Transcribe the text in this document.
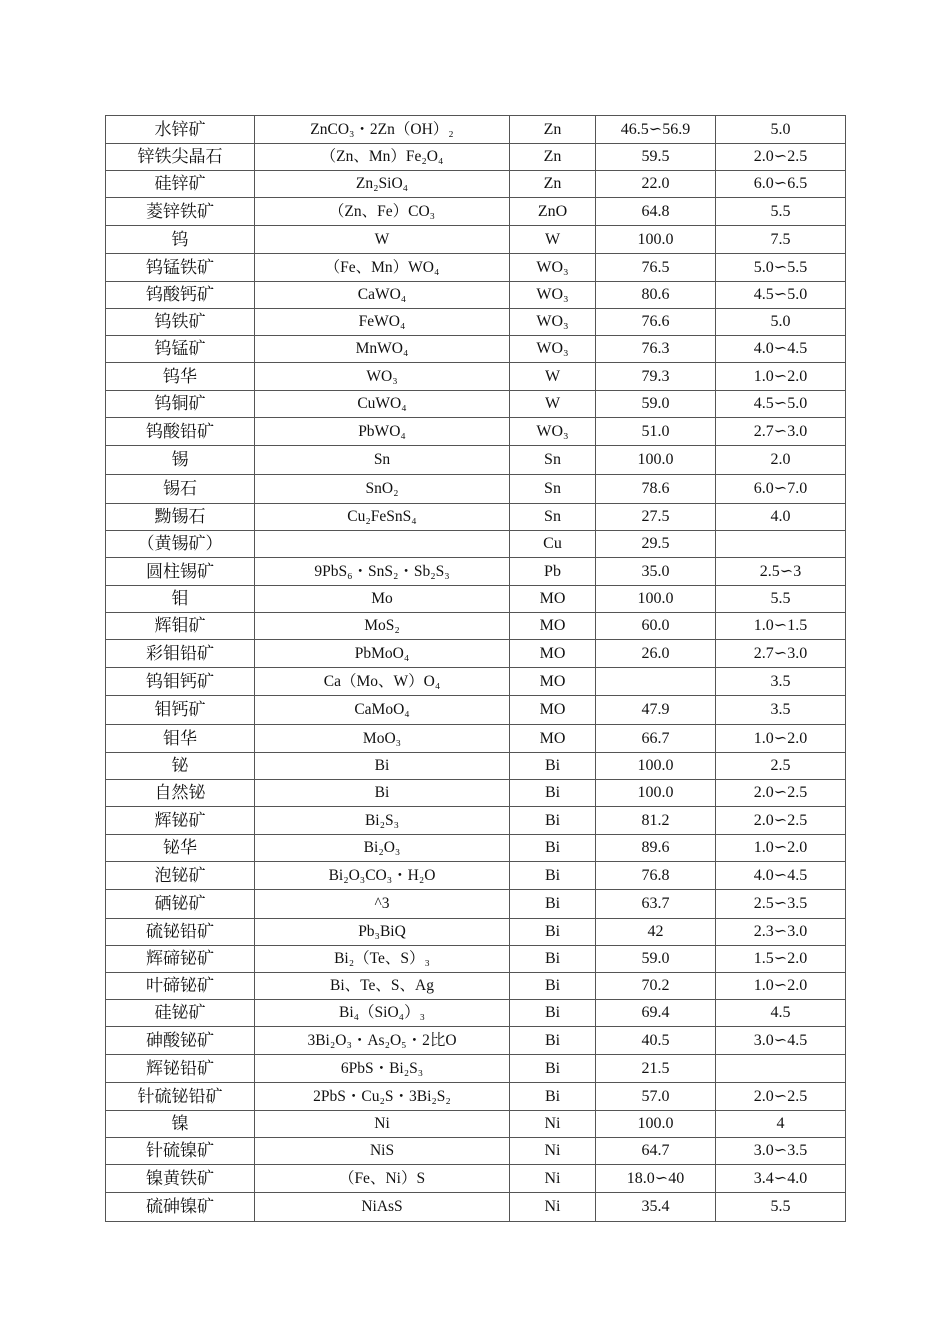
水锌矿	ZnCO₃・2Zn（OH）₂	Zn	46.5∽56.9	5.0
锌铁尖晶石	（Zn、Mn）Fe₂O₄	Zn	59.5	2.0∽2.5
硅锌矿	Zn₂SiO₄	Zn	22.0	6.0∽6.5
菱锌铁矿	（Zn、Fe）CO₃	ZnO	64.8	5.5
钨	W	W	100.0	7.5
钨锰铁矿	（Fe、Mn）WO₄	WO₃	76.5	5.0∽5.5
钨酸钙矿	CaWO₄	WO₃	80.6	4.5∽5.0
钨铁矿	FeWO₄	WO₃	76.6	5.0
钨锰矿	MnWO₄	WO₃	76.3	4.0∽4.5
钨华	WO₃	W	79.3	1.0∽2.0
钨铜矿	CuWO₄	W	59.0	4.5∽5.0
钨酸铅矿	PbWO₄	WO₃	51.0	2.7∽3.0
锡	Sn	Sn	100.0	2.0
锡石	SnO₂	Sn	78.6	6.0∽7.0
黝锡石	Cu₂FeSnS₄	Sn	27.5	4.0
（黄锡矿）		Cu	29.5	
圆柱锡矿	9PbS₆・SnS₂・Sb₂S₃	Pb	35.0	2.5∽3
钼	Mo	MO	100.0	5.5
辉钼矿	MoS₂	MO	60.0	1.0∽1.5
彩钼铅矿	PbMoO₄	MO	26.0	2.7∽3.0
钨钼钙矿	Ca（Mo、W）O₄	MO		3.5
钼钙矿	CaMoO₄	MO	47.9	3.5
钼华	MoO₃	MO	66.7	1.0∽2.0
铋	Bi	Bi	100.0	2.5
自然铋	Bi	Bi	100.0	2.0∽2.5
辉铋矿	Bi₂S₃	Bi	81.2	2.0∽2.5
铋华	Bi₂O₃	Bi	89.6	1.0∽2.0
泡铋矿	Bi₂O₃CO₃・H₂O	Bi	76.8	4.0∽4.5
硒铋矿	^3	Bi	63.7	2.5∽3.5
硫铋铅矿	Pb₃BiQ	Bi	42	2.3∽3.0
辉碲铋矿	Bi₂（Te、S）₃	Bi	59.0	1.5∽2.0
叶碲铋矿	Bi、Te、S、Ag	Bi	70.2	1.0∽2.0
硅铋矿	Bi₄（SiO₄）₃	Bi	69.4	4.5
砷酸铋矿	3Bi₂O₃・As₂O₅・2比O	Bi	40.5	3.0∽4.5
辉铋铅矿	6PbS・Bi₂S₃	Bi	21.5	
针硫铋铅矿	2PbS・Cu₂S・3Bi₂S₂	Bi	57.0	2.0∽2.5
镍	Ni	Ni	100.0	4
针硫镍矿	NiS	Ni	64.7	3.0∽3.5
镍黄铁矿	（Fe、Ni）S	Ni	18.0∽40	3.4∽4.0
硫砷镍矿	NiAsS	Ni	35.4	5.5
